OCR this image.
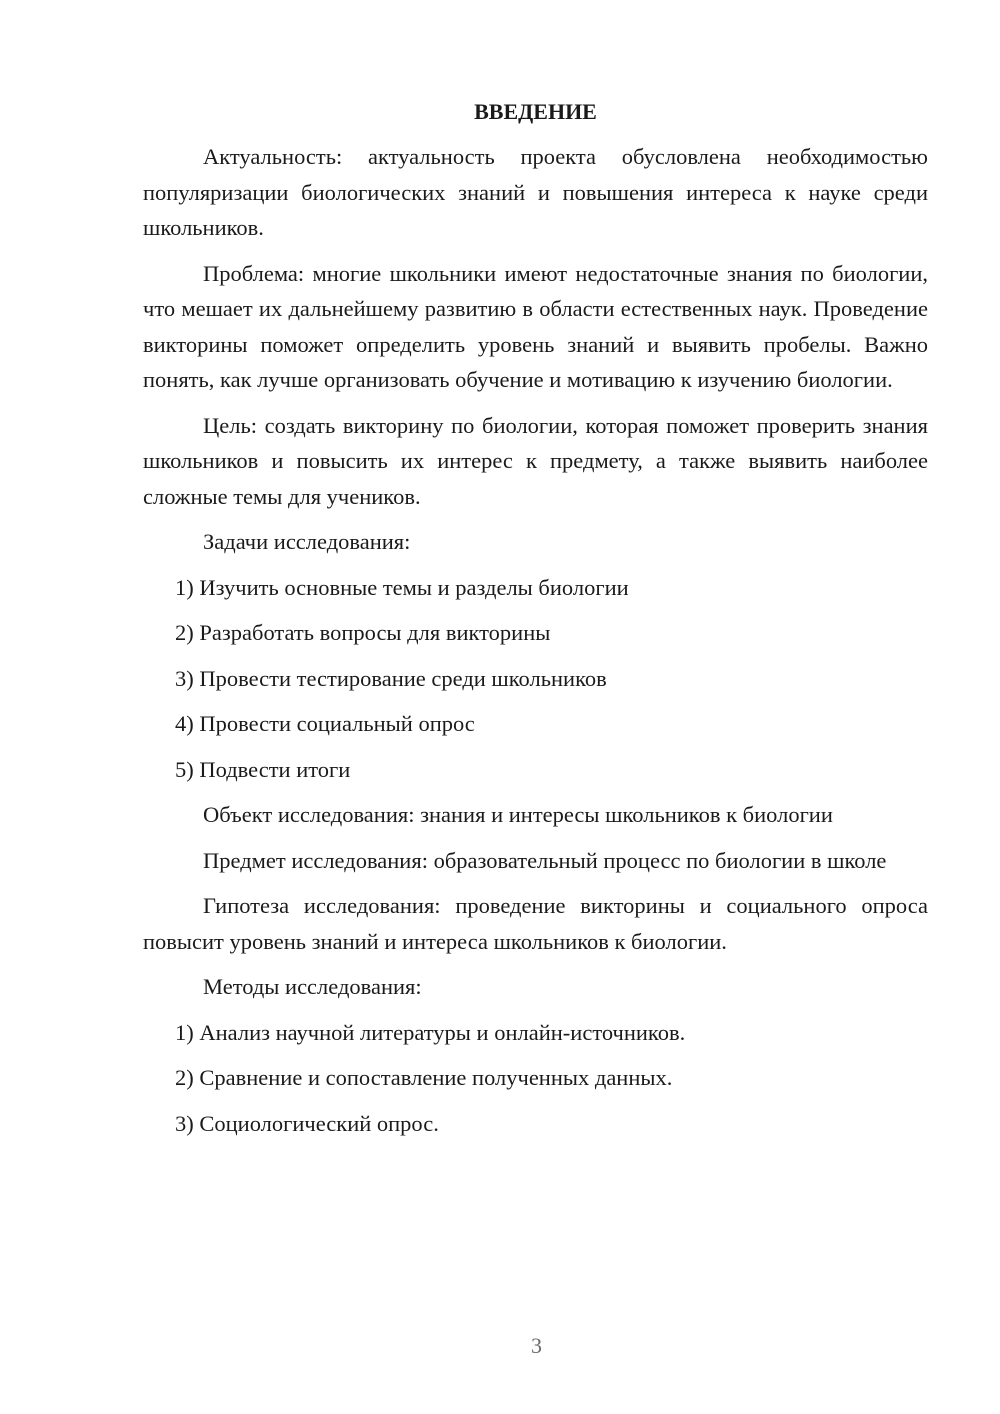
ВВЕДЕНИЕ
Актуальность: актуальность проекта обусловлена необходимостью популяризации биологических знаний и повышения интереса к науке среди школьников.
Проблема: многие школьники имеют недостаточные знания по биологии, что мешает их дальнейшему развитию в области естественных наук. Проведение викторины поможет определить уровень знаний и выявить пробелы. Важно понять, как лучше организовать обучение и мотивацию к изучению биологии.
Цель: создать викторину по биологии, которая поможет проверить знания школьников и повысить их интерес к предмету, а также выявить наиболее сложные темы для учеников.
Задачи исследования:
1) Изучить основные темы и разделы биологии
2) Разработать вопросы для викторины
3) Провести тестирование среди школьников
4) Провести социальный опрос
5) Подвести итоги
Объект исследования: знания и интересы школьников к биологии
Предмет исследования: образовательный процесс по биологии в школе
Гипотеза исследования: проведение викторины и социального опроса повысит уровень знаний и интереса школьников к биологии.
Методы исследования:
1) Анализ научной литературы и онлайн-источников.
2) Сравнение и сопоставление полученных данных.
3) Социологический опрос.
3
